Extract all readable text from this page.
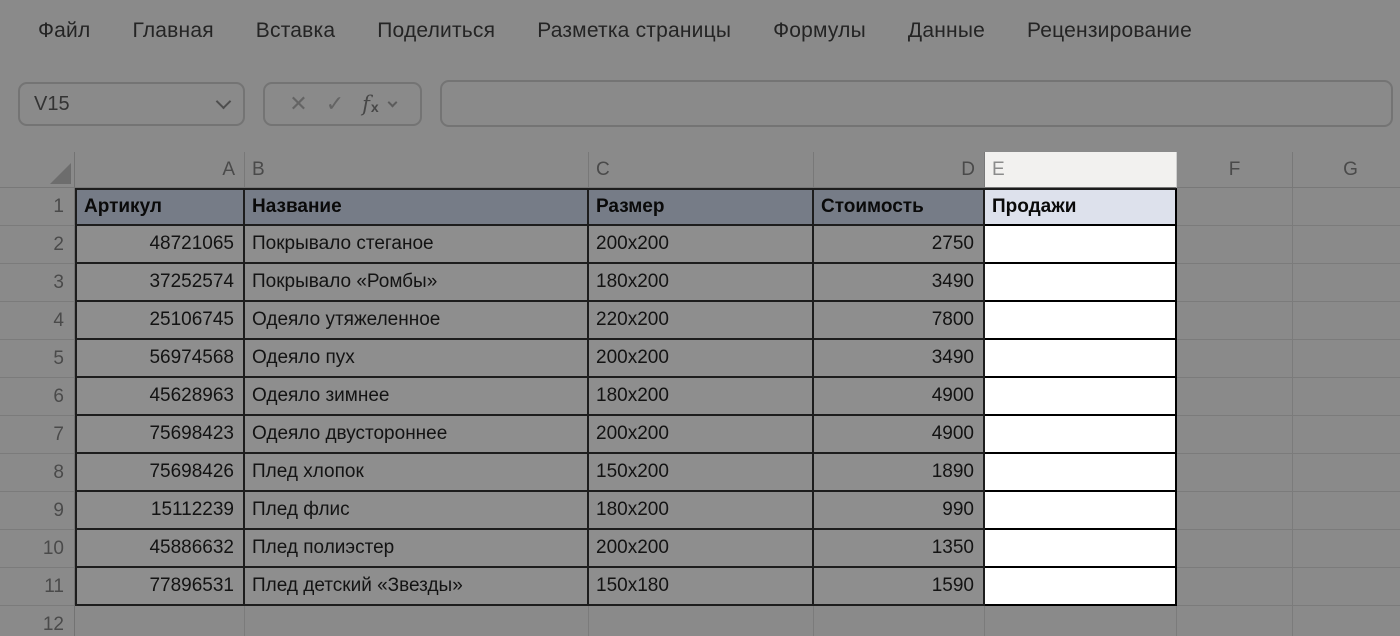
Файл Главная Вставка Поделиться Разметка страницы Формулы Данные Рецензирование
V15	✕ ✓ f x
A B	C	D E	F	G
1	Артикул	Название	Размер	Стоимость	Продажи
2	48721065 Покрывало стеганое	200x200	2750
3	37252574 Покрывало «Ромбы»	180x200	3490
4	25106745 Одеяло утяжеленное	220x200	7800
5	56974568 Одеяло пух	200x200	3490
6	45628963 Одеяло зимнее	180x200	4900
7	75698423 Одеяло двустороннее	200x200	4900
8	75698426 Плед хлопок	150x200	1890
9	15112239 Плед флис	180x200	990
10	45886632 Плед полиэстер	200x200	1350
11	77896531 Плед детский «Звезды»	150x180	1590
12
